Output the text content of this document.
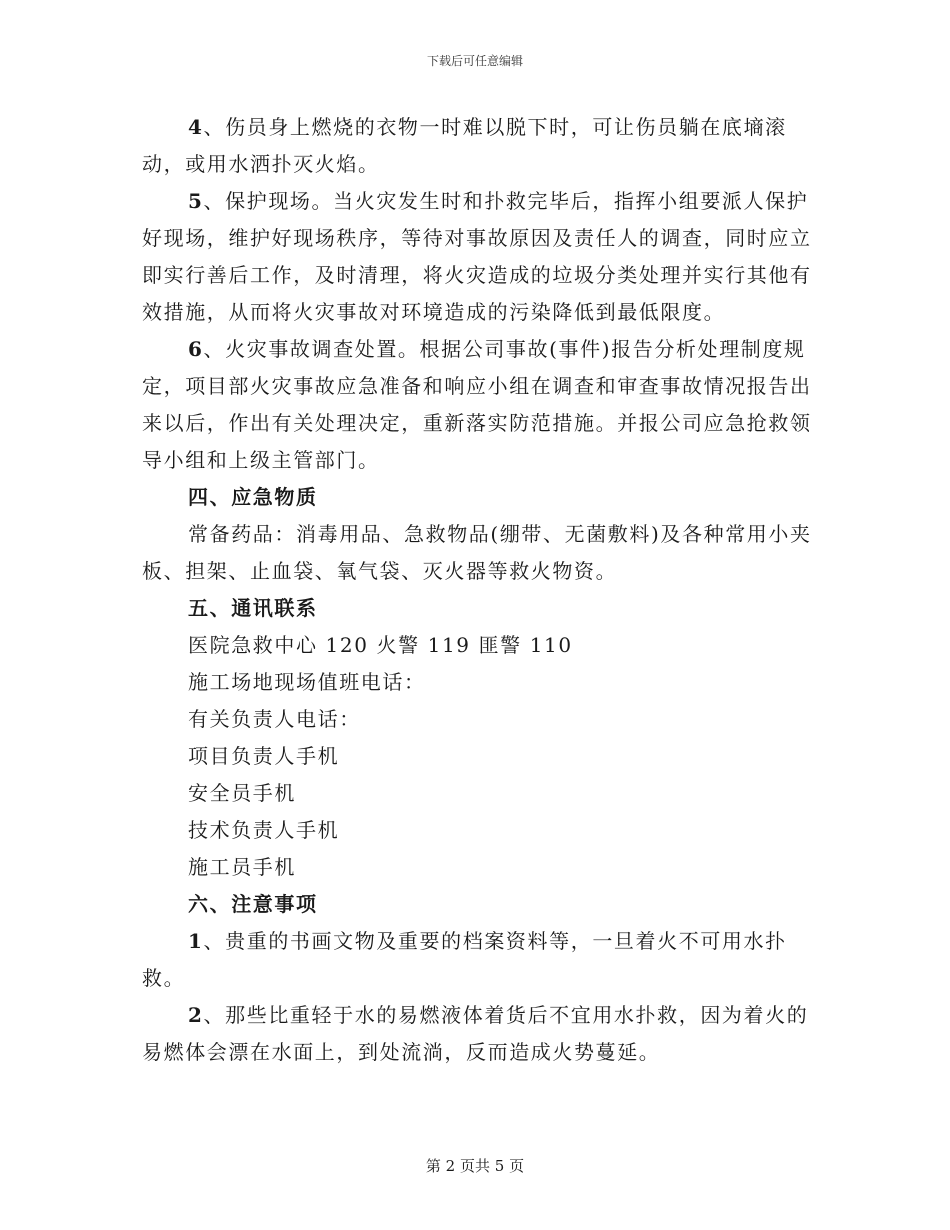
下载后可任意编辑

4、伤员身上燃烧的衣物一时难以脱下时，可让伤员躺在底墒滚动，或用水洒扑灭火焰。

5、保护现场。当火灾发生时和扑救完毕后，指挥小组要派人保护好现场，维护好现场秩序，等待对事故原因及责任人的调查，同时应立即实行善后工作，及时清理，将火灾造成的垃圾分类处理并实行其他有效措施，从而将火灾事故对环境造成的污染降低到最低限度。

6、火灾事故调查处置。根据公司事故(事件)报告分析处理制度规定，项目部火灾事故应急准备和响应小组在调查和审查事故情况报告出来以后，作出有关处理决定，重新落实防范措施。并报公司应急抢救领导小组和上级主管部门。

四、应急物质

常备药品：消毒用品、急救物品(绷带、无菌敷料)及各种常用小夹板、担架、止血袋、氧气袋、灭火器等救火物资。

五、通讯联系

医院急救中心 120 火警 119 匪警 110

施工场地现场值班电话：

有关负责人电话：

项目负责人手机

安全员手机

技术负责人手机

施工员手机

六、注意事项

1、贵重的书画文物及重要的档案资料等，一旦着火不可用水扑救。

2、那些比重轻于水的易燃液体着货后不宜用水扑救，因为着火的易燃体会漂在水面上，到处流淌，反而造成火势蔓延。

第 2 页共 5 页
